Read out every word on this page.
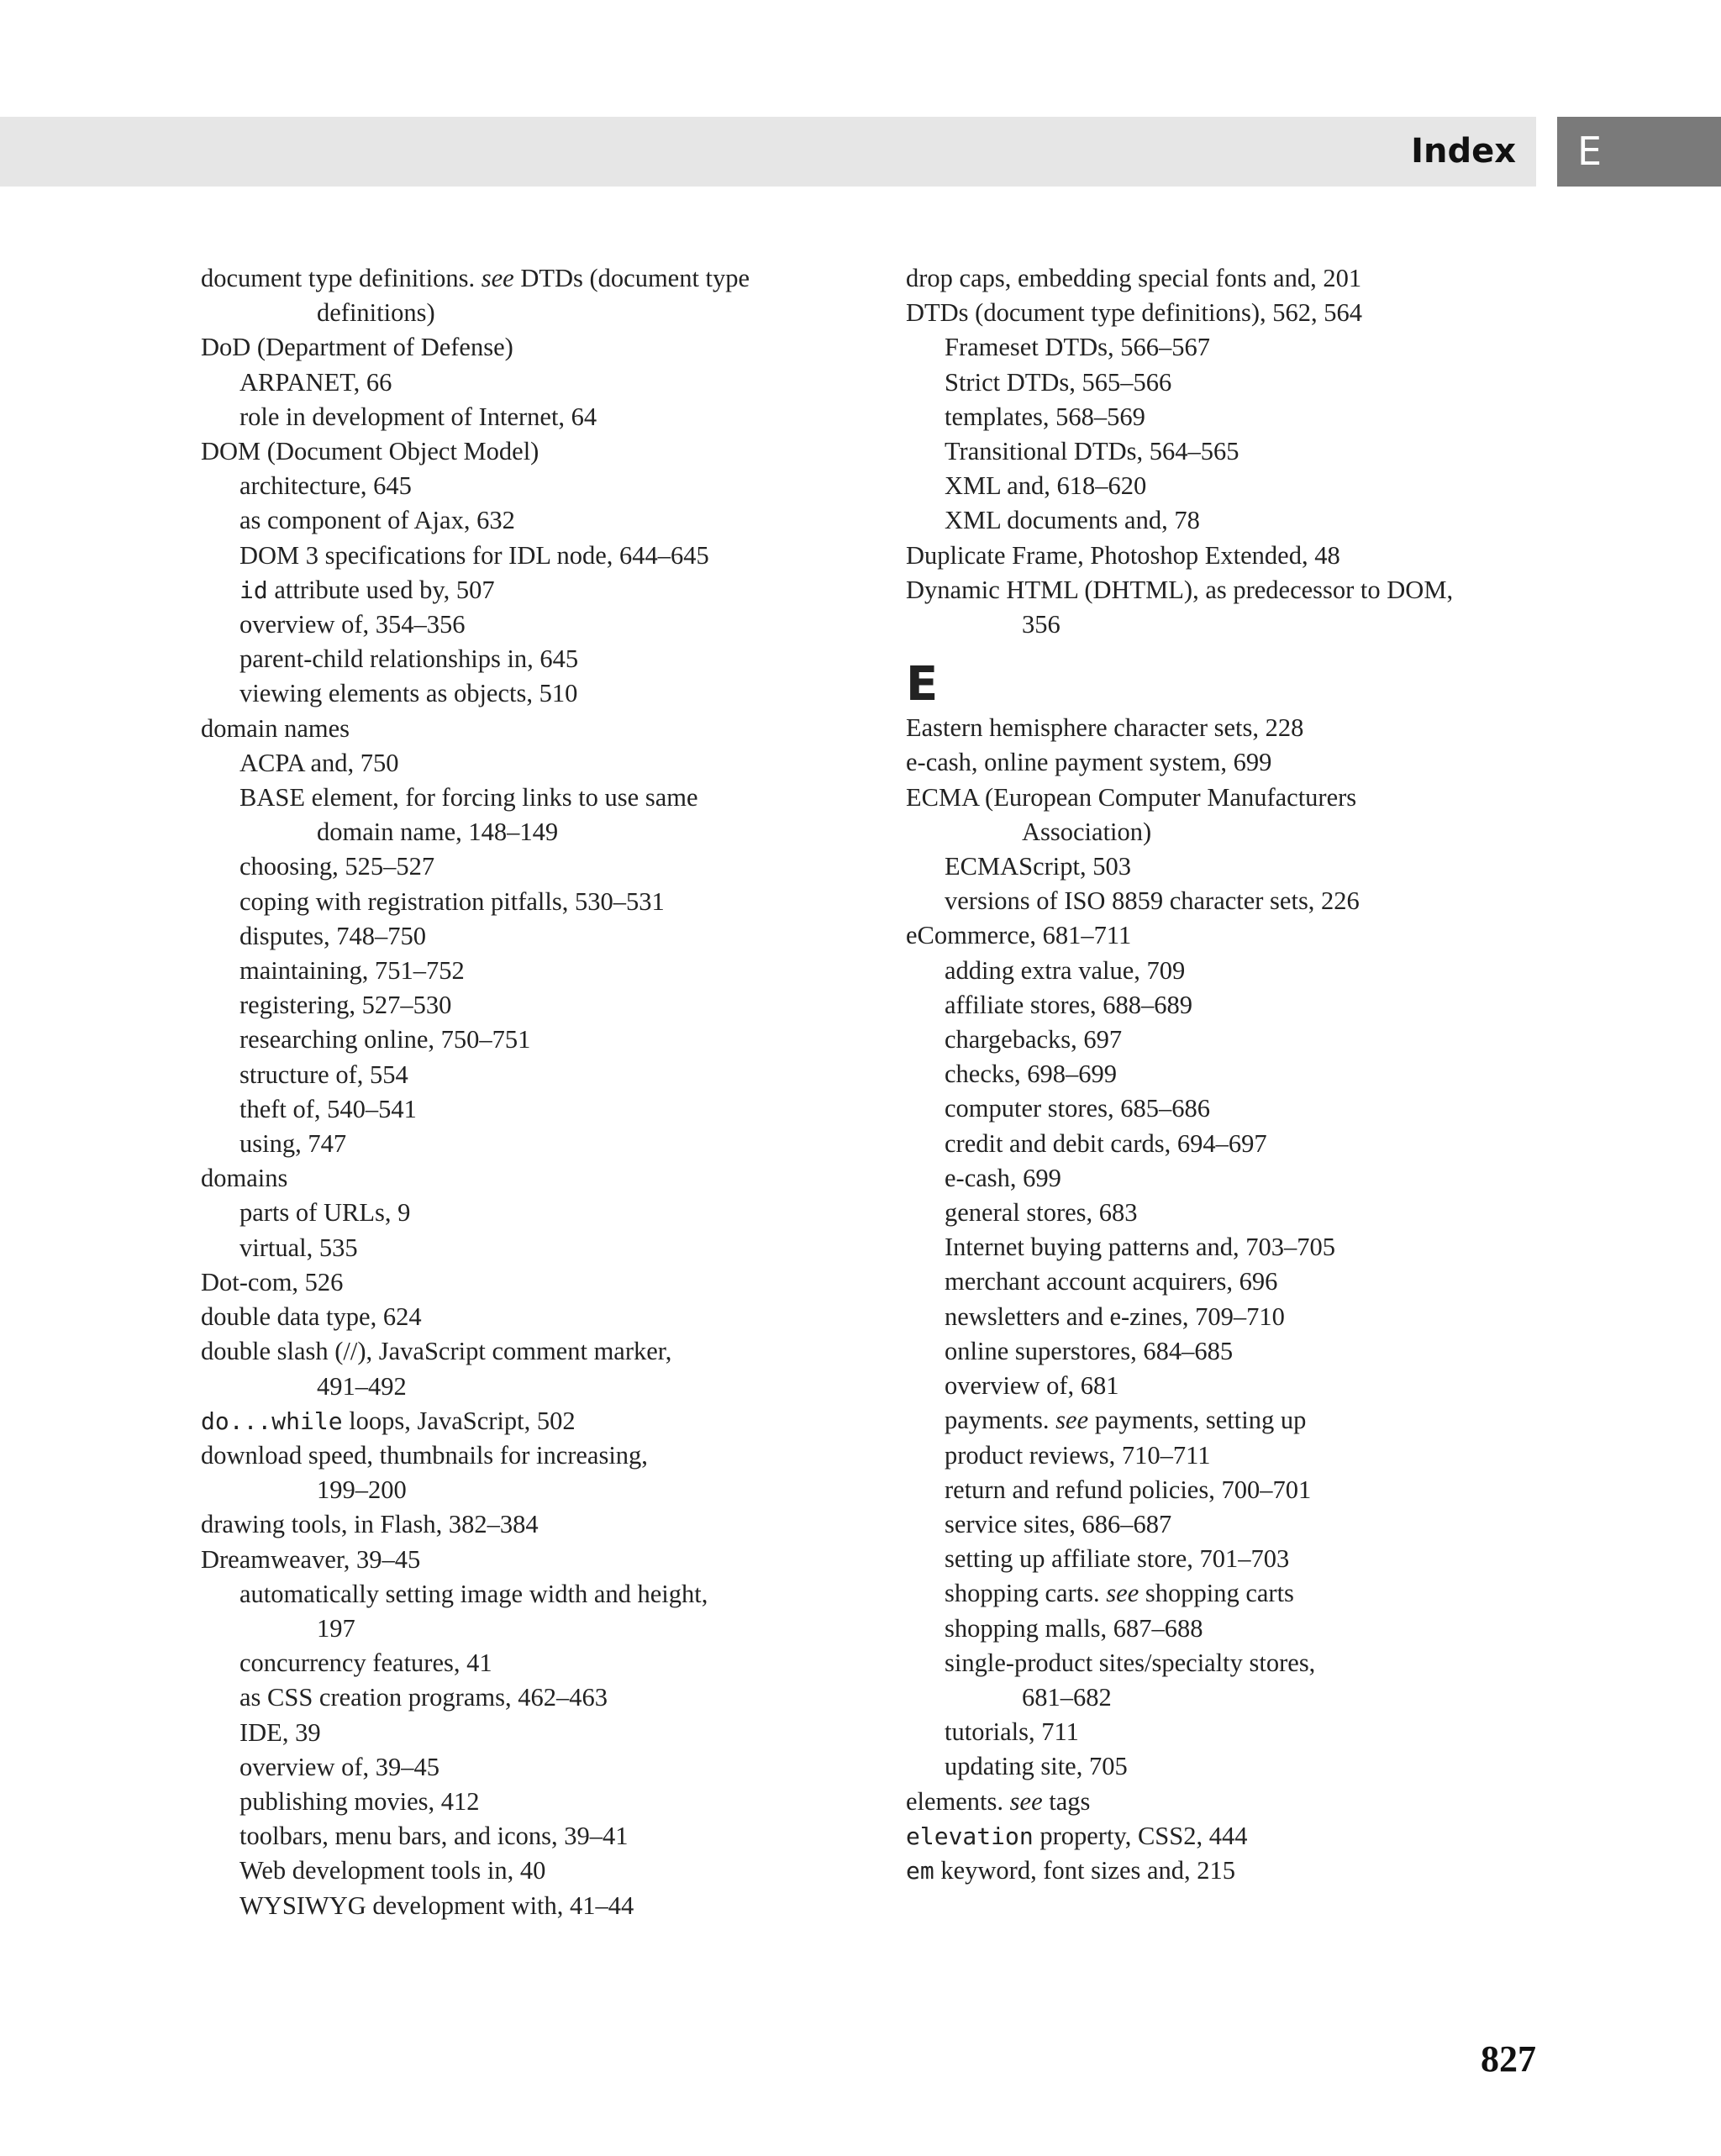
Index E
document type definitions. see DTDs (document type
definitions)
DoD (Department of Defense)
ARPANET, 66
role in development of Internet, 64
DOM (Document Object Model)
architecture, 645
as component of Ajax, 632
DOM 3 specifications for IDL node, 644–645
id attribute used by, 507
overview of, 354–356
parent-child relationships in, 645
viewing elements as objects, 510
domain names
ACPA and, 750
BASE element, for forcing links to use same
domain name, 148–149
choosing, 525–527
coping with registration pitfalls, 530–531
disputes, 748–750
maintaining, 751–752
registering, 527–530
researching online, 750–751
structure of, 554
theft of, 540–541
using, 747
domains
parts of URLs, 9
virtual, 535
Dot-com, 526
double data type, 624
double slash (//), JavaScript comment marker,
491–492
do...while loops, JavaScript, 502
download speed, thumbnails for increasing,
199–200
drawing tools, in Flash, 382–384
Dreamweaver, 39–45
automatically setting image width and height,
197
concurrency features, 41
as CSS creation programs, 462–463
IDE, 39
overview of, 39–45
publishing movies, 412
toolbars, menu bars, and icons, 39–41
Web development tools in, 40
WYSIWYG development with, 41–44
drop caps, embedding special fonts and, 201
DTDs (document type definitions), 562, 564
Frameset DTDs, 566–567
Strict DTDs, 565–566
templates, 568–569
Transitional DTDs, 564–565
XML and, 618–620
XML documents and, 78
Duplicate Frame, Photoshop Extended, 48
Dynamic HTML (DHTML), as predecessor to DOM,
356
E
Eastern hemisphere character sets, 228
e-cash, online payment system, 699
ECMA (European Computer Manufacturers
Association)
ECMAScript, 503
versions of ISO 8859 character sets, 226
eCommerce, 681–711
adding extra value, 709
affiliate stores, 688–689
chargebacks, 697
checks, 698–699
computer stores, 685–686
credit and debit cards, 694–697
e-cash, 699
general stores, 683
Internet buying patterns and, 703–705
merchant account acquirers, 696
newsletters and e-zines, 709–710
online superstores, 684–685
overview of, 681
payments. see payments, setting up
product reviews, 710–711
return and refund policies, 700–701
service sites, 686–687
setting up affiliate store, 701–703
shopping carts. see shopping carts
shopping malls, 687–688
single-product sites/specialty stores,
681–682
tutorials, 711
updating site, 705
elements. see tags
elevation property, CSS2, 444
em keyword, font sizes and, 215
827
